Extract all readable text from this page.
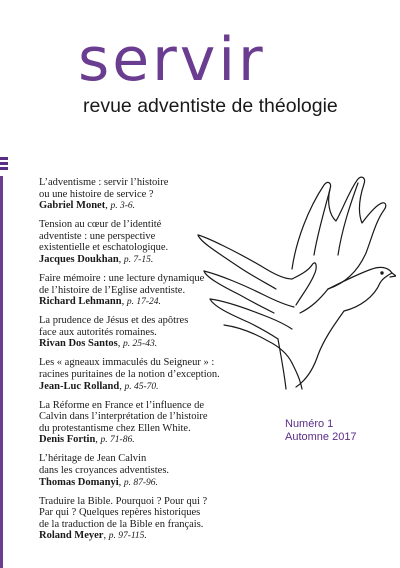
servir
revue adventiste de théologie
L’adventisme : servir l’histoire
ou une histoire de service ?
Gabriel Monet, p. 3-6.
Tension au cœur de l’identité
adventiste : une perspective
existentielle et eschatologique.
Jacques Doukhan, p. 7-15.
Faire mémoire : une lecture dynamique
de l’histoire de l’Eglise adventiste.
Richard Lehmann, p. 17-24.
La prudence de Jésus et des apôtres
face aux autorités romaines.
Rivan Dos Santos, p. 25-43.
Les « agneaux immaculés du Seigneur » :
racines puritaines de la notion d’exception.
Jean-Luc Rolland, p. 45-70.
La Réforme en France et l’influence de
Calvin dans l’interprétation de l’histoire
du protestantisme chez Ellen White.
Denis Fortin, p. 71-86.
L’héritage de Jean Calvin
dans les croyances adventistes.
Thomas Domanyi, p. 87-96.
Traduire la Bible. Pourquoi ? Pour qui ?
Par qui ? Quelques repères historiques
de la traduction de la Bible en français.
Roland Meyer, p. 97-115.
Numéro 1
Automne 2017
